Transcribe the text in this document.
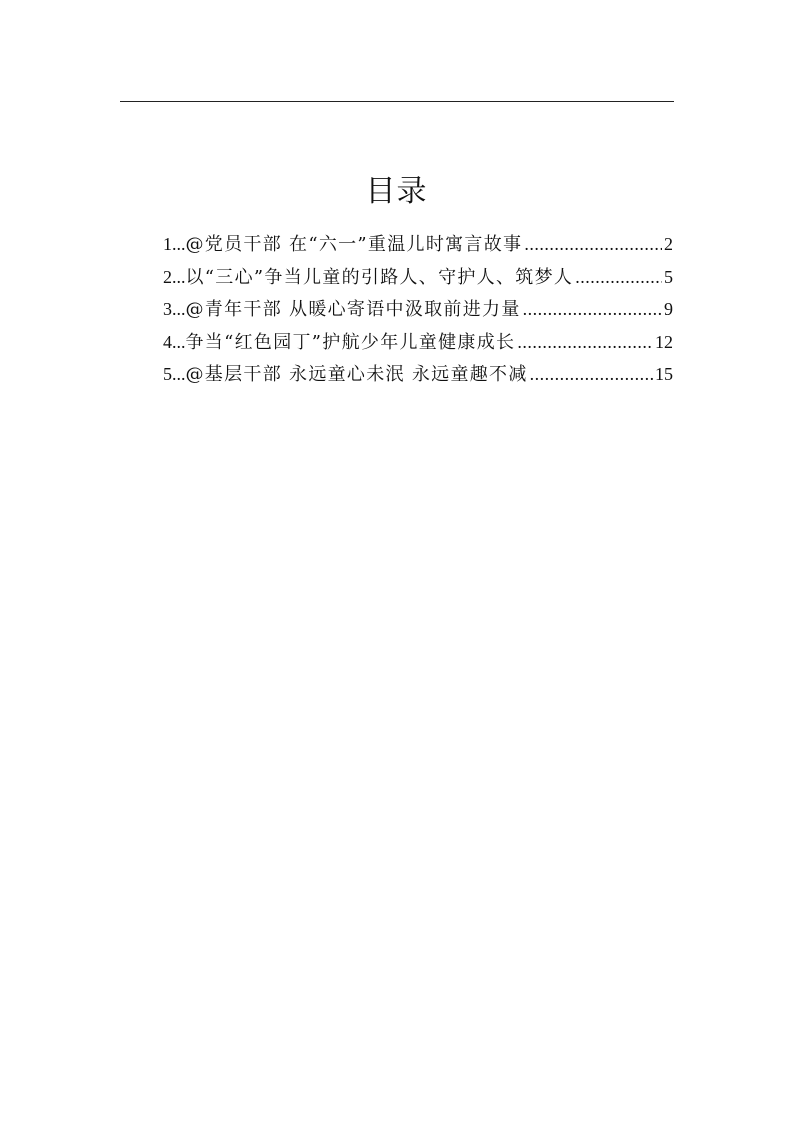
目录
1... @党员干部 在“六一”重温儿时寓言故事 .....	2
2... 以“三心”争当儿童的引路人、守护人、筑梦人 .....	5
3... @青年干部 从暖心寄语中汲取前进力量 .....	9
4... 争当“红色园丁”护航少年儿童健康成长 .....	12
5... @基层干部 永远童心未泯 永远童趣不减 .....	15
